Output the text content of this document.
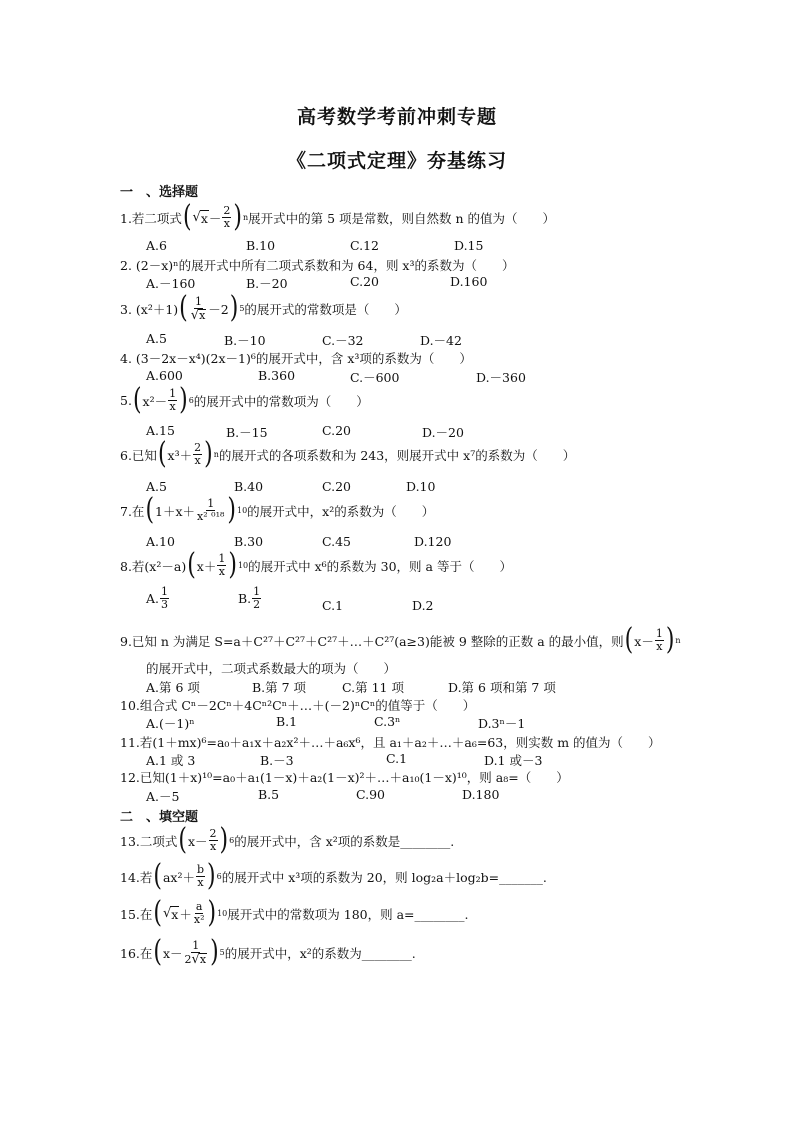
高考数学考前冲刺专题
《二项式定理》夯基练习
一　、选择题
1.若二项式 ( √ $x - \frac{2}{x}$ ) n 展开式中的第 5 项是常数，则自然数 n 的值为（　　）
A.6	B.10	C.12	D.15
2. (2－x)ⁿ的展开式中所有二项式系数和为 64，则 x³的系数为（　　）
A.－160	B.－20	C.20	D.160
3. (x²＋1) ( $\frac{1}{√x} -2$ ) 5 的展开式的常数项是（　　）
A.5	B.－10	C.－32	D.－42
4. (3－2x－x⁴)(2x－1)⁶的展开式中，含 x³项的系数为（　　）
A.600	B.360	C.－600	D.－360
5. ( $x^2- \frac{1}{x}$ ) 6 的展开式中的常数项为（　　）
A.15	B.－15	C.20	D.－20
6.已知 ( $x^3+ \frac{2}{x}$ ) n 的展开式的各项系数和为 243，则展开式中 x⁷的系数为（　　）
A.5	B.40	C.20	D.10
7.在 ( $1+x+ \frac{1}{\text{x² ⁰¹⁸}}$ ) 10 的展开式中，x²的系数为（　　）
A.10	B.30	C.45	D.120
8.若(x²－a) ( $x+ \frac{1}{x}$ ) 10 的展开式中 x⁶的系数为 30，则 a 等于（　　）
A. $\frac{1}{3}$	B. $\frac{1}{2}$	C.1	D.2
9.已知 n 为满足 S=a＋C²⁷＋C²⁷＋C²⁷＋…＋C²⁷(a≥3)能被 9 整除的正数 a 的最小值，则 ( $x- \frac{1}{x}$ ) n
的展开式中，二项式系数最大的项为（　　）
A.第 6 项	B.第 7 项	C.第 11 项	D.第 6 项和第 7 项
10.组合式 Cⁿ－2Cⁿ＋4Cⁿ²Cⁿ＋…＋(－2)ⁿCⁿ的值等于（　　）
A.(－1)ⁿ	B.1	C.3ⁿ	D.3ⁿ－1
11.若(1＋mx)⁶=a₀＋a₁x＋a₂x²＋…＋a₆x⁶，且 a₁＋a₂＋…＋a₆=63，则实数 m 的值为（　　）
A.1 或 3	B.－3	C.1	D.1 或－3
12.已知(1＋x)¹⁰=a₀＋a₁(1－x)＋a₂(1－x)²＋…＋a₁₀(1－x)¹⁰，则 a₈=（　　）
A.－5	B.5	C.90	D.180
二　、填空题
13.二项式 ( $x- \frac{2}{x}$ ) 6 的展开式中，含 x²项的系数是________.
14.若 ( $ax^2+ \frac{b}{x}$ ) 6 的展开式中 x³项的系数为 20，则 log₂a＋log₂b=_______.
15.在 ( √ $x + \frac{a}{\text{x²}}$ ) 10 展开式中的常数项为 180，则 a=________.
16.在 ( $x- \frac{1}{2√x}$ ) 5 的展开式中，x²的系数为________.
